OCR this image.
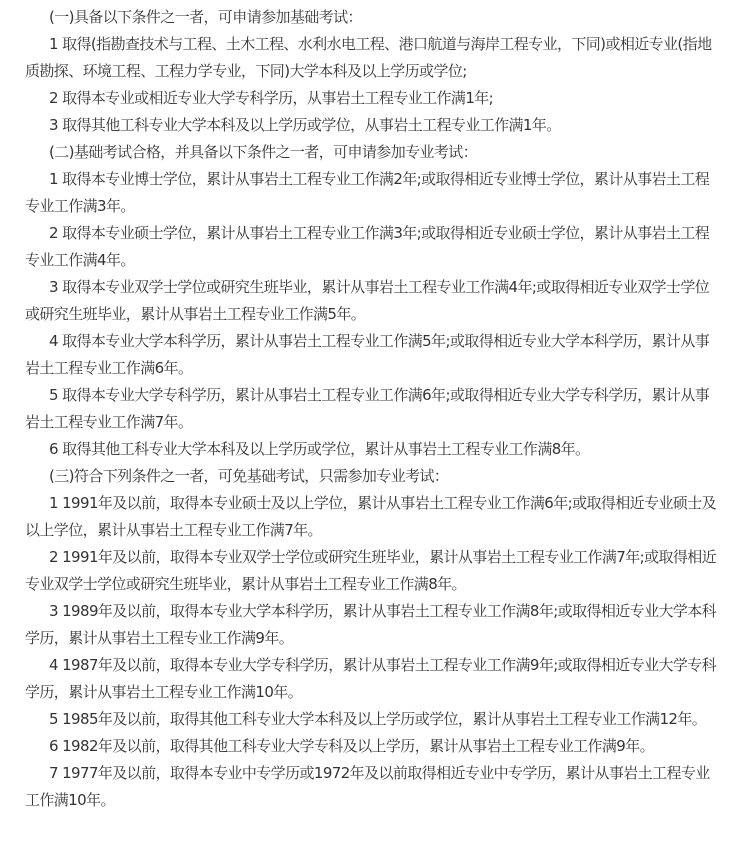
(一)具备以下条件之一者，可申请参加基础考试：

1 取得(指勘查技术与工程、土木工程、水利水电工程、港口航道与海岸工程专业，下同)或相近专业(指地质勘探、环境工程、工程力学专业，下同)大学本科及以上学历或学位;

2 取得本专业或相近专业大学专科学历，从事岩土工程专业工作满1年;

3 取得其他工科专业大学本科及以上学历或学位，从事岩土工程专业工作满1年。

(二)基础考试合格，并具备以下条件之一者，可申请参加专业考试：

1 取得本专业博士学位，累计从事岩土工程专业工作满2年;或取得相近专业博士学位，累计从事岩土工程专业工作满3年。

2 取得本专业硕士学位，累计从事岩土工程专业工作满3年;或取得相近专业硕士学位，累计从事岩土工程专业工作满4年。

3 取得本专业双学士学位或研究生班毕业，累计从事岩土工程专业工作满4年;或取得相近专业双学士学位或研究生班毕业，累计从事岩土工程专业工作满5年。

4 取得本专业大学本科学历，累计从事岩土工程专业工作满5年;或取得相近专业大学本科学历，累计从事岩土工程专业工作满6年。

5 取得本专业大学专科学历，累计从事岩土工程专业工作满6年;或取得相近专业大学专科学历，累计从事岩土工程专业工作满7年。

6 取得其他工科专业大学本科及以上学历或学位，累计从事岩土工程专业工作满8年。

(三)符合下列条件之一者，可免基础考试，只需参加专业考试：

1 1991年及以前，取得本专业硕士及以上学位，累计从事岩土工程专业工作满6年;或取得相近专业硕士及以上学位，累计从事岩土工程专业工作满7年。

2 1991年及以前，取得本专业双学士学位或研究生班毕业，累计从事岩土工程专业工作满7年;或取得相近专业双学士学位或研究生班毕业，累计从事岩土工程专业工作满8年。

3 1989年及以前，取得本专业大学本科学历，累计从事岩土工程专业工作满8年;或取得相近专业大学本科学历，累计从事岩土工程专业工作满9年。

4 1987年及以前，取得本专业大学专科学历，累计从事岩土工程专业工作满9年;或取得相近专业大学专科学历，累计从事岩土工程专业工作满10年。

5 1985年及以前，取得其他工科专业大学本科及以上学历或学位，累计从事岩土工程专业工作满12年。

6 1982年及以前，取得其他工科专业大学专科及以上学历，累计从事岩土工程专业工作满9年。

7 1977年及以前，取得本专业中专学历或1972年及以前取得相近专业中专学历，累计从事岩土工程专业工作满10年。
